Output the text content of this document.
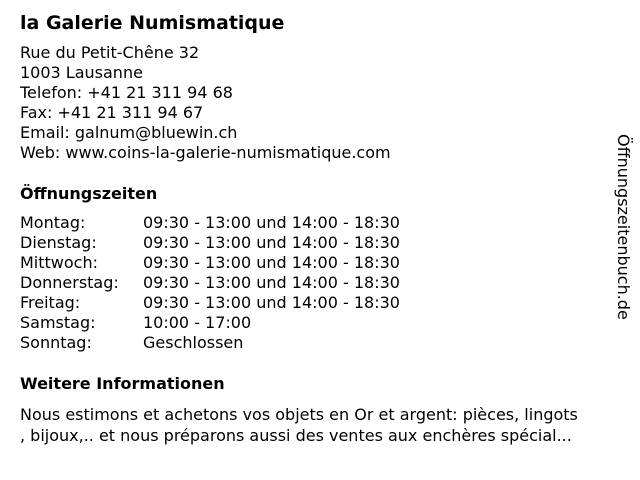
la Galerie Numismatique
Rue du Petit-Chêne 32
1003 Lausanne
Telefon: +41 21 311 94 68
Fax: +41 21 311 94 67
Email: galnum@bluewin.ch
Web: www.coins-la-galerie-numismatique.com
Öffnungszeiten
Montag:	09:30 - 13:00 und 14:00 - 18:30
Dienstag:	09:30 - 13:00 und 14:00 - 18:30
Mittwoch:	09:30 - 13:00 und 14:00 - 18:30
Donnerstag: 09:30 - 13:00 und 14:00 - 18:30
Freitag:	09:30 - 13:00 und 14:00 - 18:30
Samstag:	10:00 - 17:00
Sonntag:	Geschlossen
Weitere Informationen
Nous estimons et achetons vos objets en Or et argent: pièces, lingots
, bijoux,.. et nous préparons aussi des ventes aux enchères spécial...
Öffnungszeitenbuch.de
